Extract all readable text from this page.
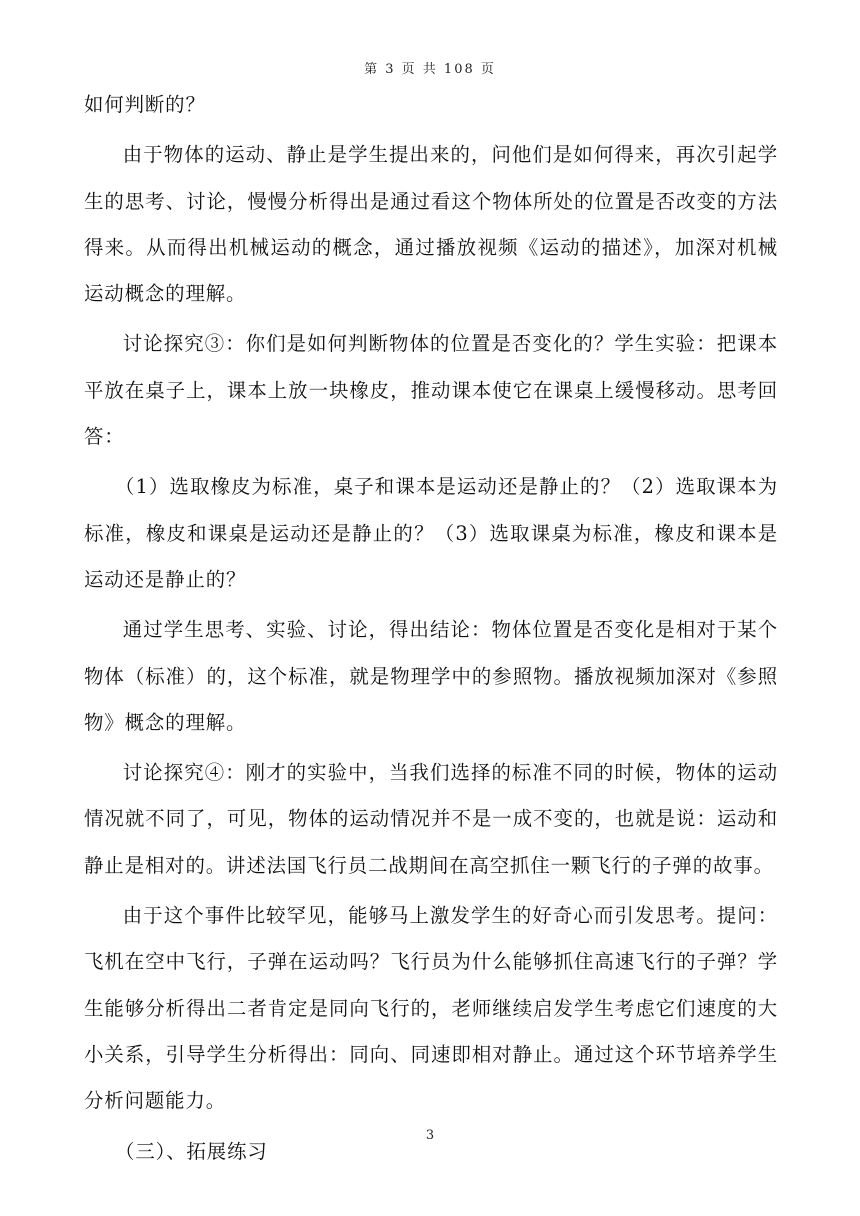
第 3 页 共 108 页

如何判断的？

由于物体的运动、静止是学生提出来的，问他们是如何得来，再次引起学生的思考、讨论，慢慢分析得出是通过看这个物体所处的位置是否改变的方法得来。从而得出机械运动的概念，通过播放视频《运动的描述》，加深对机械运动概念的理解。

讨论探究③：你们是如何判断物体的位置是否变化的？学生实验：把课本平放在桌子上，课本上放一块橡皮，推动课本使它在课桌上缓慢移动。思考回答：

（1）选取橡皮为标准，桌子和课本是运动还是静止的？（2）选取课本为标准，橡皮和课桌是运动还是静止的？（3）选取课桌为标准，橡皮和课本是运动还是静止的？

通过学生思考、实验、讨论，得出结论：物体位置是否变化是相对于某个物体（标准）的，这个标准，就是物理学中的参照物。播放视频加深对《参照物》概念的理解。

讨论探究④：刚才的实验中，当我们选择的标准不同的时候，物体的运动情况就不同了，可见，物体的运动情况并不是一成不变的，也就是说：运动和静止是相对的。讲述法国飞行员二战期间在高空抓住一颗飞行的子弹的故事。

由于这个事件比较罕见，能够马上激发学生的好奇心而引发思考。提问：飞机在空中飞行，子弹在运动吗？飞行员为什么能够抓住高速飞行的子弹？学生能够分析得出二者肯定是同向飞行的，老师继续启发学生考虑它们速度的大小关系，引导学生分析得出：同向、同速即相对静止。通过这个环节培养学生分析问题能力。

（三）、拓展练习

3
